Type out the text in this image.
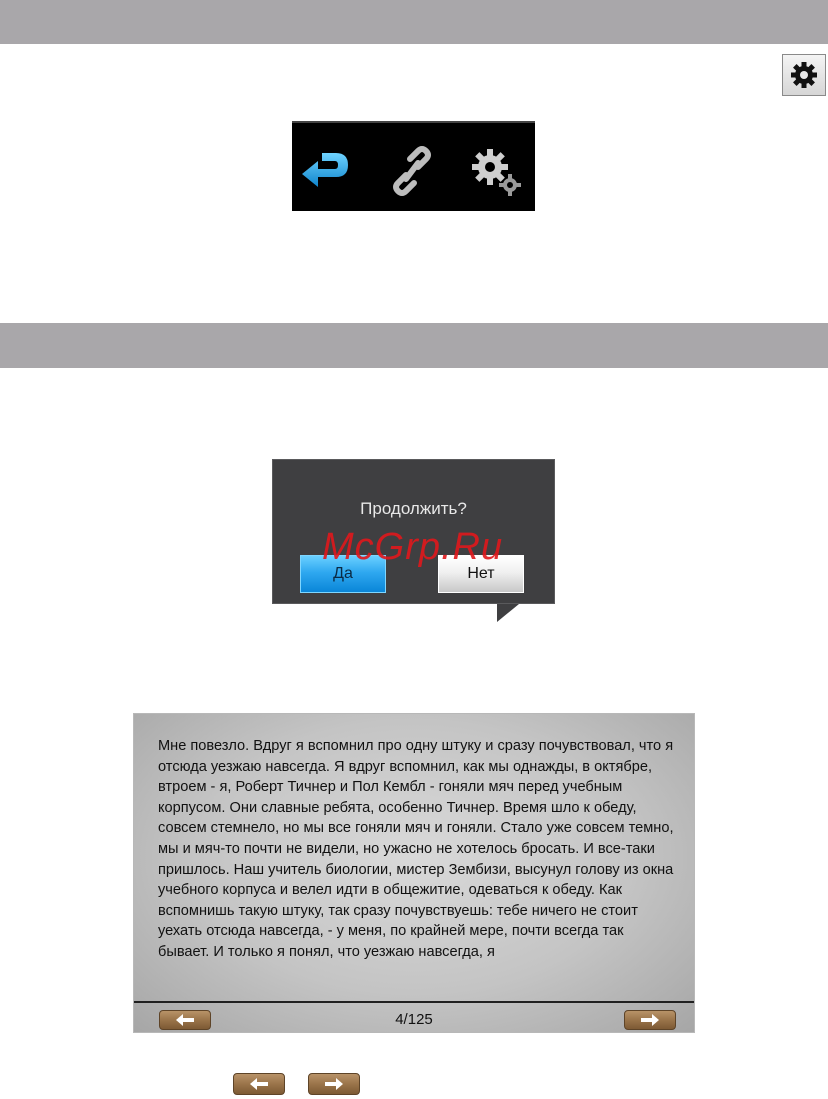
Продолжить?
Да	Нет
McGrp.Ru
Мне повезло. Вдруг я вспомнил про одну штуку и сразу почувствовал, что я отсюда уезжаю навсегда. Я вдруг вспомнил, как мы однажды, в октябре, втроем - я, Роберт Тичнер и Пол Кембл - гоняли мяч перед учебным корпусом. Они славные ребята, особенно Тичнер. Время шло к обеду, совсем стемнело, но мы все гоняли мяч и гоняли. Стало уже совсем темно, мы и мяч-то почти не видели, но ужасно не хотелось бросать. И все-таки пришлось. Наш учитель биологии, мистер Зембизи, высунул голову из окна учебного корпуса и велел идти в общежитие, одеваться к обеду. Как вспомнишь такую штуку, так сразу почувствуешь: тебе ничего не стоит уехать отсюда навсегда, - у меня, по крайней мере, почти всегда так бывает. И только я понял, что уезжаю навсегда, я
4/125
